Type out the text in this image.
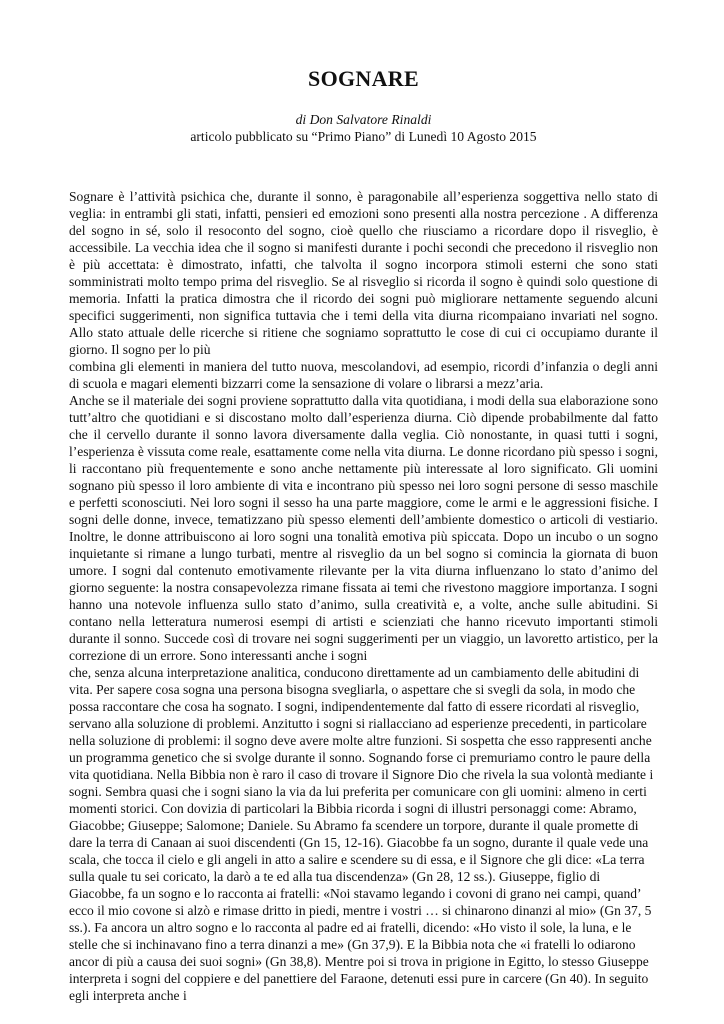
SOGNARE

di Don Salvatore Rinaldi

articolo pubblicato su “Primo Piano” di Lunedì 10 Agosto 2015

Sognare è l’attività psichica che, durante il sonno, è paragonabile all’esperienza soggettiva nello stato di veglia: in entrambi gli stati, infatti, pensieri ed emozioni sono presenti alla nostra percezione . A differenza del sogno in sé, solo il resoconto del sogno, cioè quello che riusciamo a ricordare dopo il risveglio, è accessibile. La vecchia idea che il sogno si manifesti durante i pochi secondi che precedono il risveglio non è più accettata: è dimostrato, infatti, che talvolta il sogno incorpora stimoli esterni che sono stati somministrati molto tempo prima del risveglio. Se al risveglio si ricorda il sogno è quindi solo questione di memoria. Infatti la pratica dimostra che il ricordo dei sogni può migliorare nettamente seguendo alcuni specifici suggerimenti, non significa tuttavia che i temi della vita diurna ricompaiano invariati nel sogno. Allo stato attuale delle ricerche si ritiene che sogniamo soprattutto le cose di cui ci occupiamo durante il giorno. Il sogno per lo più

combina gli elementi in maniera del tutto nuova, mescolandovi, ad esempio, ricordi d’infanzia o degli anni di scuola e magari elementi bizzarri come la sensazione di volare o librarsi a mezz’aria.

Anche se il materiale dei sogni proviene soprattutto dalla vita quotidiana, i modi della sua elaborazione sono tutt’altro che quotidiani e si discostano molto dall’esperienza diurna. Ciò dipende probabilmente dal fatto che il cervello durante il sonno lavora diversamente dalla veglia. Ciò nonostante, in quasi tutti i sogni, l’esperienza è vissuta come reale, esattamente come nella vita diurna. Le donne ricordano più spesso i sogni, li raccontano più frequentemente e sono anche nettamente più interessate al loro significato. Gli uomini sognano più spesso il loro ambiente di vita e incontrano più spesso nei loro sogni persone di sesso maschile e perfetti sconosciuti. Nei loro sogni il sesso ha una parte maggiore, come le armi e le aggressioni fisiche. I sogni delle donne, invece, tematizzano più spesso elementi dell’ambiente domestico o articoli di vestiario. Inoltre, le donne attribuiscono ai loro sogni una tonalità emotiva più spiccata. Dopo un incubo o un sogno inquietante si rimane a lungo turbati, mentre al risveglio da un bel sogno si comincia la giornata di buon umore. I sogni dal contenuto emotivamente rilevante per la vita diurna influenzano lo stato d’animo del giorno seguente: la nostra consapevolezza rimane fissata ai temi che rivestono maggiore importanza. I sogni hanno una notevole influenza sullo stato d’animo, sulla creatività e, a volte, anche sulle abitudini. Si contano nella letteratura numerosi esempi di artisti e scienziati che hanno ricevuto importanti stimoli durante il sonno. Succede così di trovare nei sogni suggerimenti per un viaggio, un lavoretto artistico, per la correzione di un errore. Sono interessanti anche i sogni

che, senza alcuna interpretazione analitica, conducono direttamente ad un cambiamento delle abitudini di vita. Per sapere cosa sogna una persona bisogna svegliarla, o aspettare che si svegli da sola, in modo che possa raccontare che cosa ha sognato. I sogni, indipendentemente dal fatto di essere ricordati al risveglio, servano alla soluzione di problemi. Anzitutto i sogni si riallacciano ad esperienze precedenti, in particolare nella soluzione di problemi: il sogno deve avere molte altre funzioni. Si sospetta che esso rappresenti anche un programma genetico che si svolge durante il sonno. Sognando forse ci premuriamo contro le paure della vita quotidiana. Nella Bibbia non è raro il caso di trovare il Signore Dio che rivela la sua volontà mediante i sogni. Sembra quasi che i sogni siano la via da lui preferita per comunicare con gli uomini: almeno in certi momenti storici. Con dovizia di particolari la Bibbia ricorda i sogni di illustri personaggi come: Abramo, Giacobbe; Giuseppe; Salomone; Daniele. Su Abramo fa scendere un torpore, durante il quale promette di dare la terra di Canaan ai suoi discendenti (Gn 15, 12-16). Giacobbe fa un sogno, durante il quale vede una scala, che tocca il cielo e gli angeli in atto a salire e scendere su di essa, e il Signore che gli dice: «La terra sulla quale tu sei coricato, la darò a te ed alla tua discendenza» (Gn 28, 12 ss.). Giuseppe, figlio di Giacobbe, fa un sogno e lo racconta ai fratelli: «Noi stavamo legando i covoni di grano nei campi, quand’ ecco il mio covone si alzò e rimase dritto in piedi, mentre i vostri … si chinarono dinanzi al mio» (Gn 37, 5 ss.). Fa ancora un altro sogno e lo racconta al padre ed ai fratelli, dicendo: «Ho visto il sole, la luna, e le stelle che si inchinavano fino a terra dinanzi a me» (Gn 37,9). E la Bibbia nota che «i fratelli lo odiarono ancor di più a causa dei suoi sogni» (Gn 38,8). Mentre poi si trova in prigione in Egitto, lo stesso Giuseppe interpreta i sogni del coppiere e del panettiere del Faraone, detenuti essi pure in carcere (Gn 40). In seguito egli interpreta anche i
